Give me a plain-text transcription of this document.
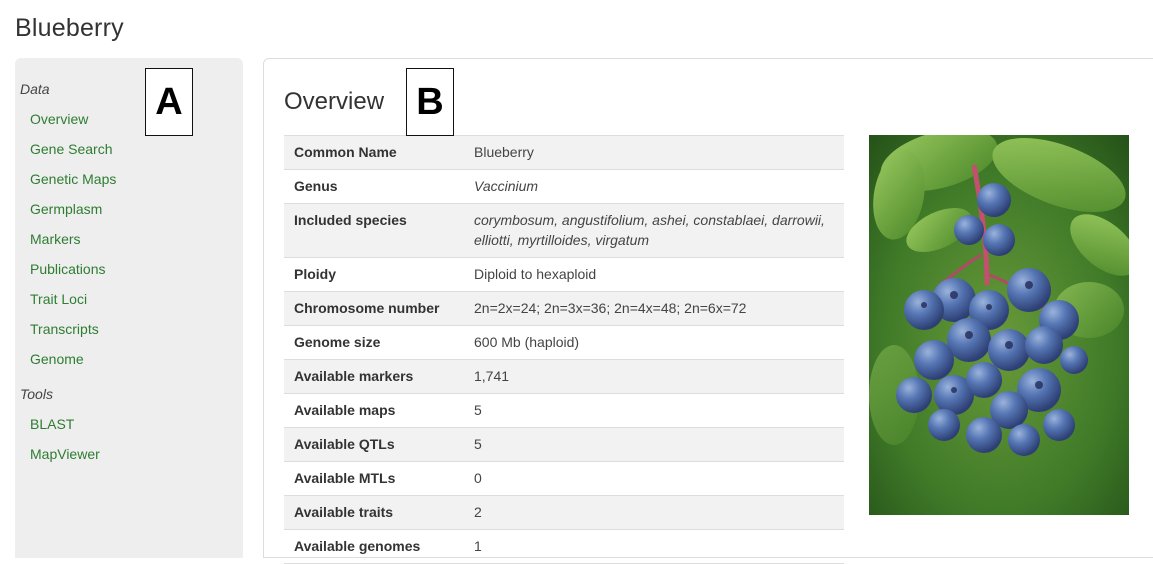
Blueberry
Data
Overview
Gene Search
Genetic Maps
Germplasm
Markers
Publications
Trait Loci
Transcripts
Genome
Tools
BLAST
MapViewer
Overview
Common Name	Blueberry
Genus	Vaccinium
Included species	corymbosum, angustifolium, ashei, constablaei, darrowii, elliotti, myrtilloides, virgatum
Ploidy	Diploid to hexaploid
Chromosome number	2n=2x=24; 2n=3x=36; 2n=4x=48; 2n=6x=72
Genome size	600 Mb (haploid)
Available markers	1,741
Available maps	5
Available QTLs	5
Available MTLs	0
Available traits	2
Available genomes	1
A	B
